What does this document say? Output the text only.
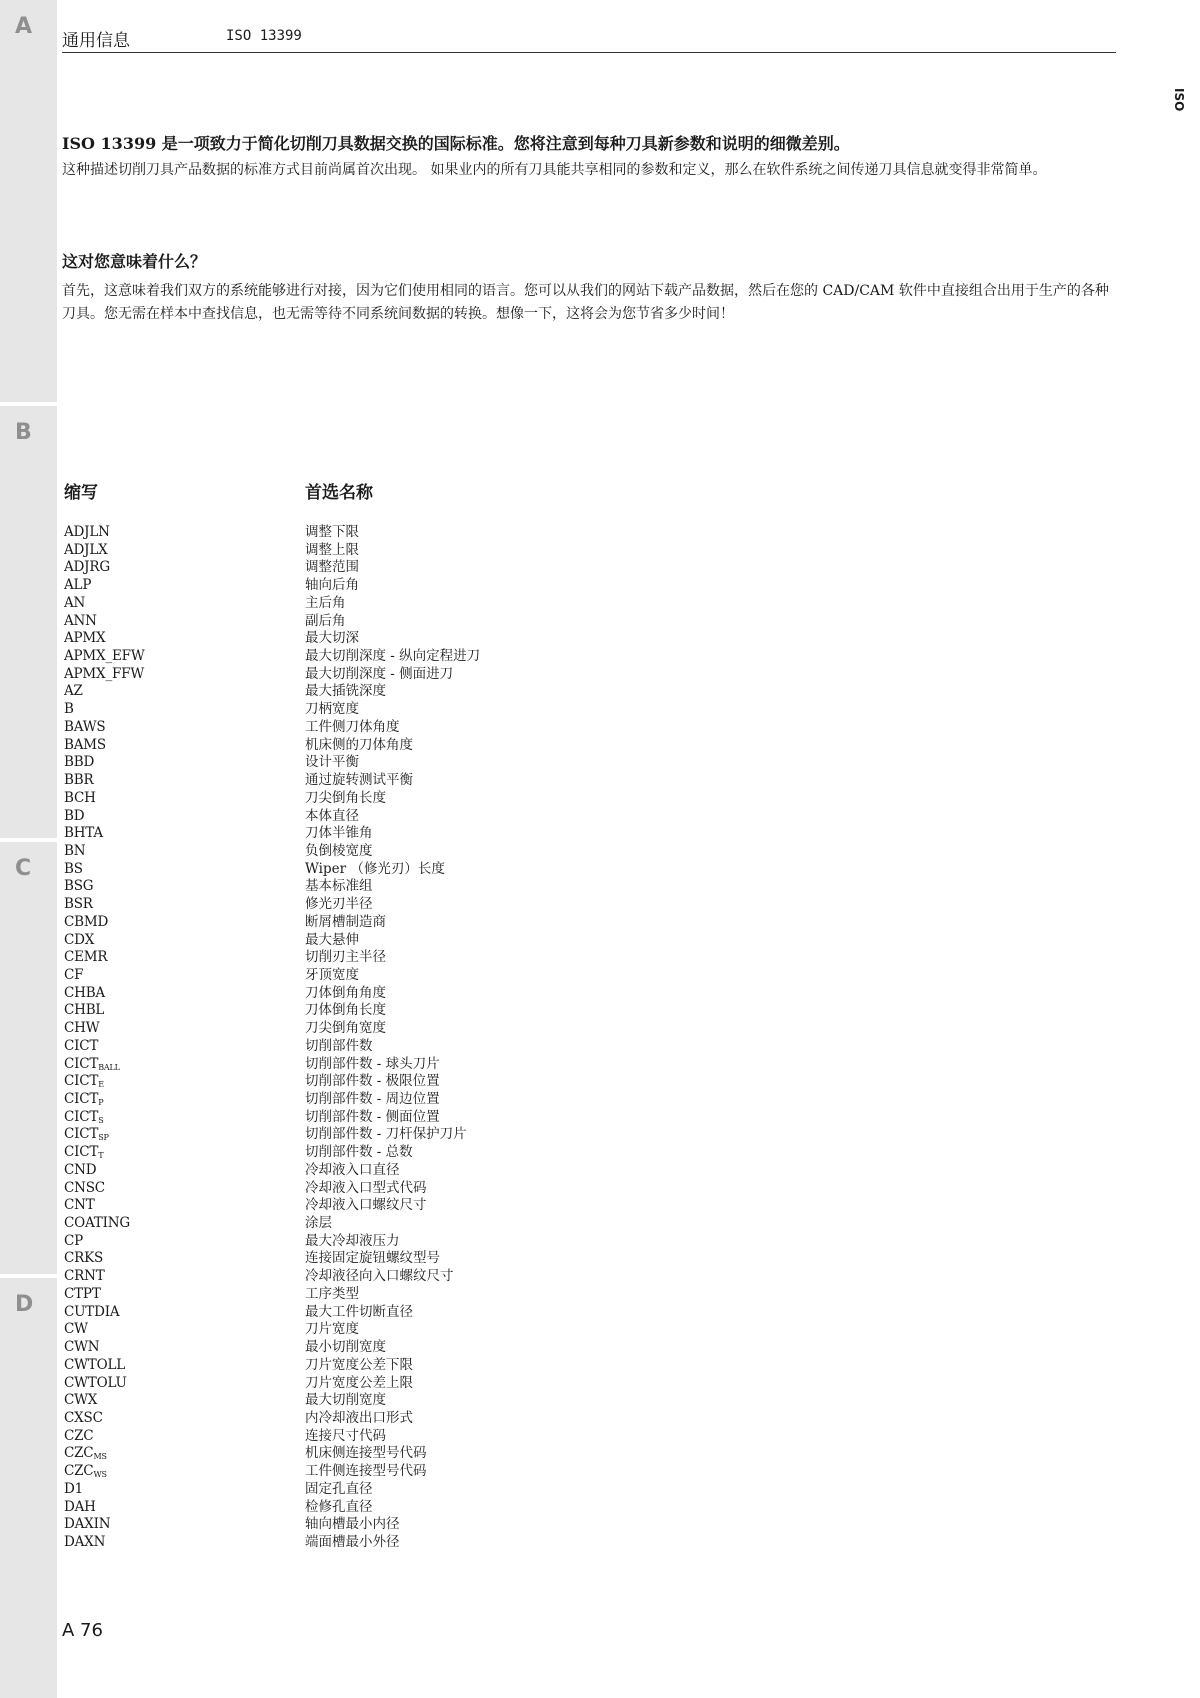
A
B
C
D
通用信息	ISO 13399
ISO
ISO 13399 是一项致力于简化切削刀具数据交换的国际标准。您将注意到每种刀具新参数和说明的细微差别。

这种描述切削刀具产品数据的标准方式目前尚属首次出现。 如果业内的所有刀具能共享相同的参数和定义，那么在软件系统之间传递刀具信息就变得非常简单。

这对您意味着什么？

首先，这意味着我们双方的系统能够进行对接，因为它们使用相同的语言。您可以从我们的网站下载产品数据，然后在您的 CAD/CAM 软件中直接组合出用于生产的各种刀具。您无需在样本中查找信息，也无需等待不同系统间数据的转换。想像一下，这将会为您节省多少时间！

缩写	首选名称
ADJLN	调整下限
ADJLX	调整上限
ADJRG	调整范围
ALP	轴向后角
AN	主后角
ANN	副后角
APMX	最大切深
APMX_EFW	最大切削深度 - 纵向定程进刀
APMX_FFW	最大切削深度 - 侧面进刀
AZ	最大插铣深度
B	刀柄宽度
BAWS	工件侧刀体角度
BAMS	机床侧的刀体角度
BBD	设计平衡
BBR	通过旋转测试平衡
BCH	刀尖倒角长度
BD	本体直径
BHTA	刀体半锥角
BN	负倒棱宽度
BS	Wiper （修光刃）长度
BSG	基本标准组
BSR	修光刃半径
CBMD	断屑槽制造商
CDX	最大悬伸
CEMR	切削刃主半径
CF	牙顶宽度
CHBA	刀体倒角角度
CHBL	刀体倒角长度
CHW	刀尖倒角宽度
CICT	切削部件数
$CICT_{BALL}$	切削部件数 - 球头刀片
$CICT_E$	切削部件数 - 极限位置
$CICT_P$	切削部件数 - 周边位置
$CICT_S$	切削部件数 - 侧面位置
$CICT_{SP}$	切削部件数 - 刀杆保护刀片
$CICT_T$	切削部件数 - 总数
CND	冷却液入口直径
CNSC	冷却液入口型式代码
CNT	冷却液入口螺纹尺寸
COATING	涂层
CP	最大冷却液压力
CRKS	连接固定旋钮螺纹型号
CRNT	冷却液径向入口螺纹尺寸
CTPT	工序类型
CUTDIA	最大工件切断直径
CW	刀片宽度
CWN	最小切削宽度
CWTOLL	刀片宽度公差下限
CWTOLU	刀片宽度公差上限
CWX	最大切削宽度
CXSC	内冷却液出口形式
CZC	连接尺寸代码
$CZC_{MS}$	机床侧连接型号代码
$CZC_{WS}$	工件侧连接型号代码
D1	固定孔直径
DAH	检修孔直径
DAXIN	轴向槽最小内径
DAXN	端面槽最小外径
A 76
